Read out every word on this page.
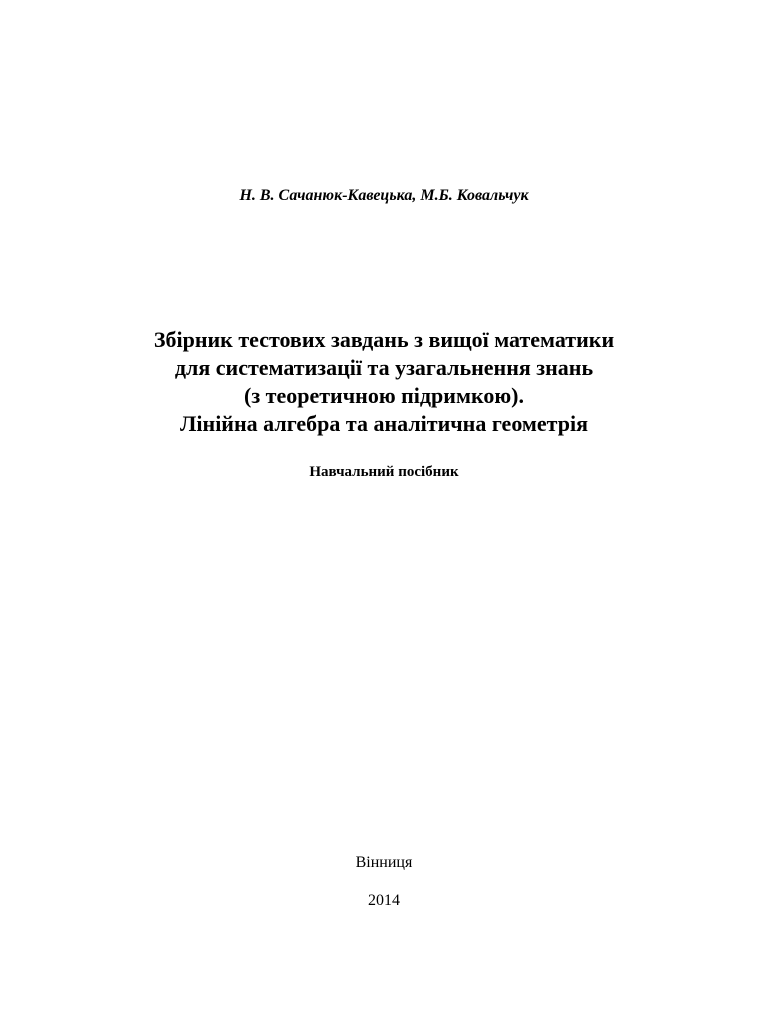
Н. В. Сачанюк-Кавецька, М.Б. Ковальчук
Збірник тестових завдань з вищої математики
для систематизації та узагальнення знань
(з теоретичною підримкою).
Лінійна алгебра та аналітична геометрія
Навчальний посібник
Вінниця
2014
